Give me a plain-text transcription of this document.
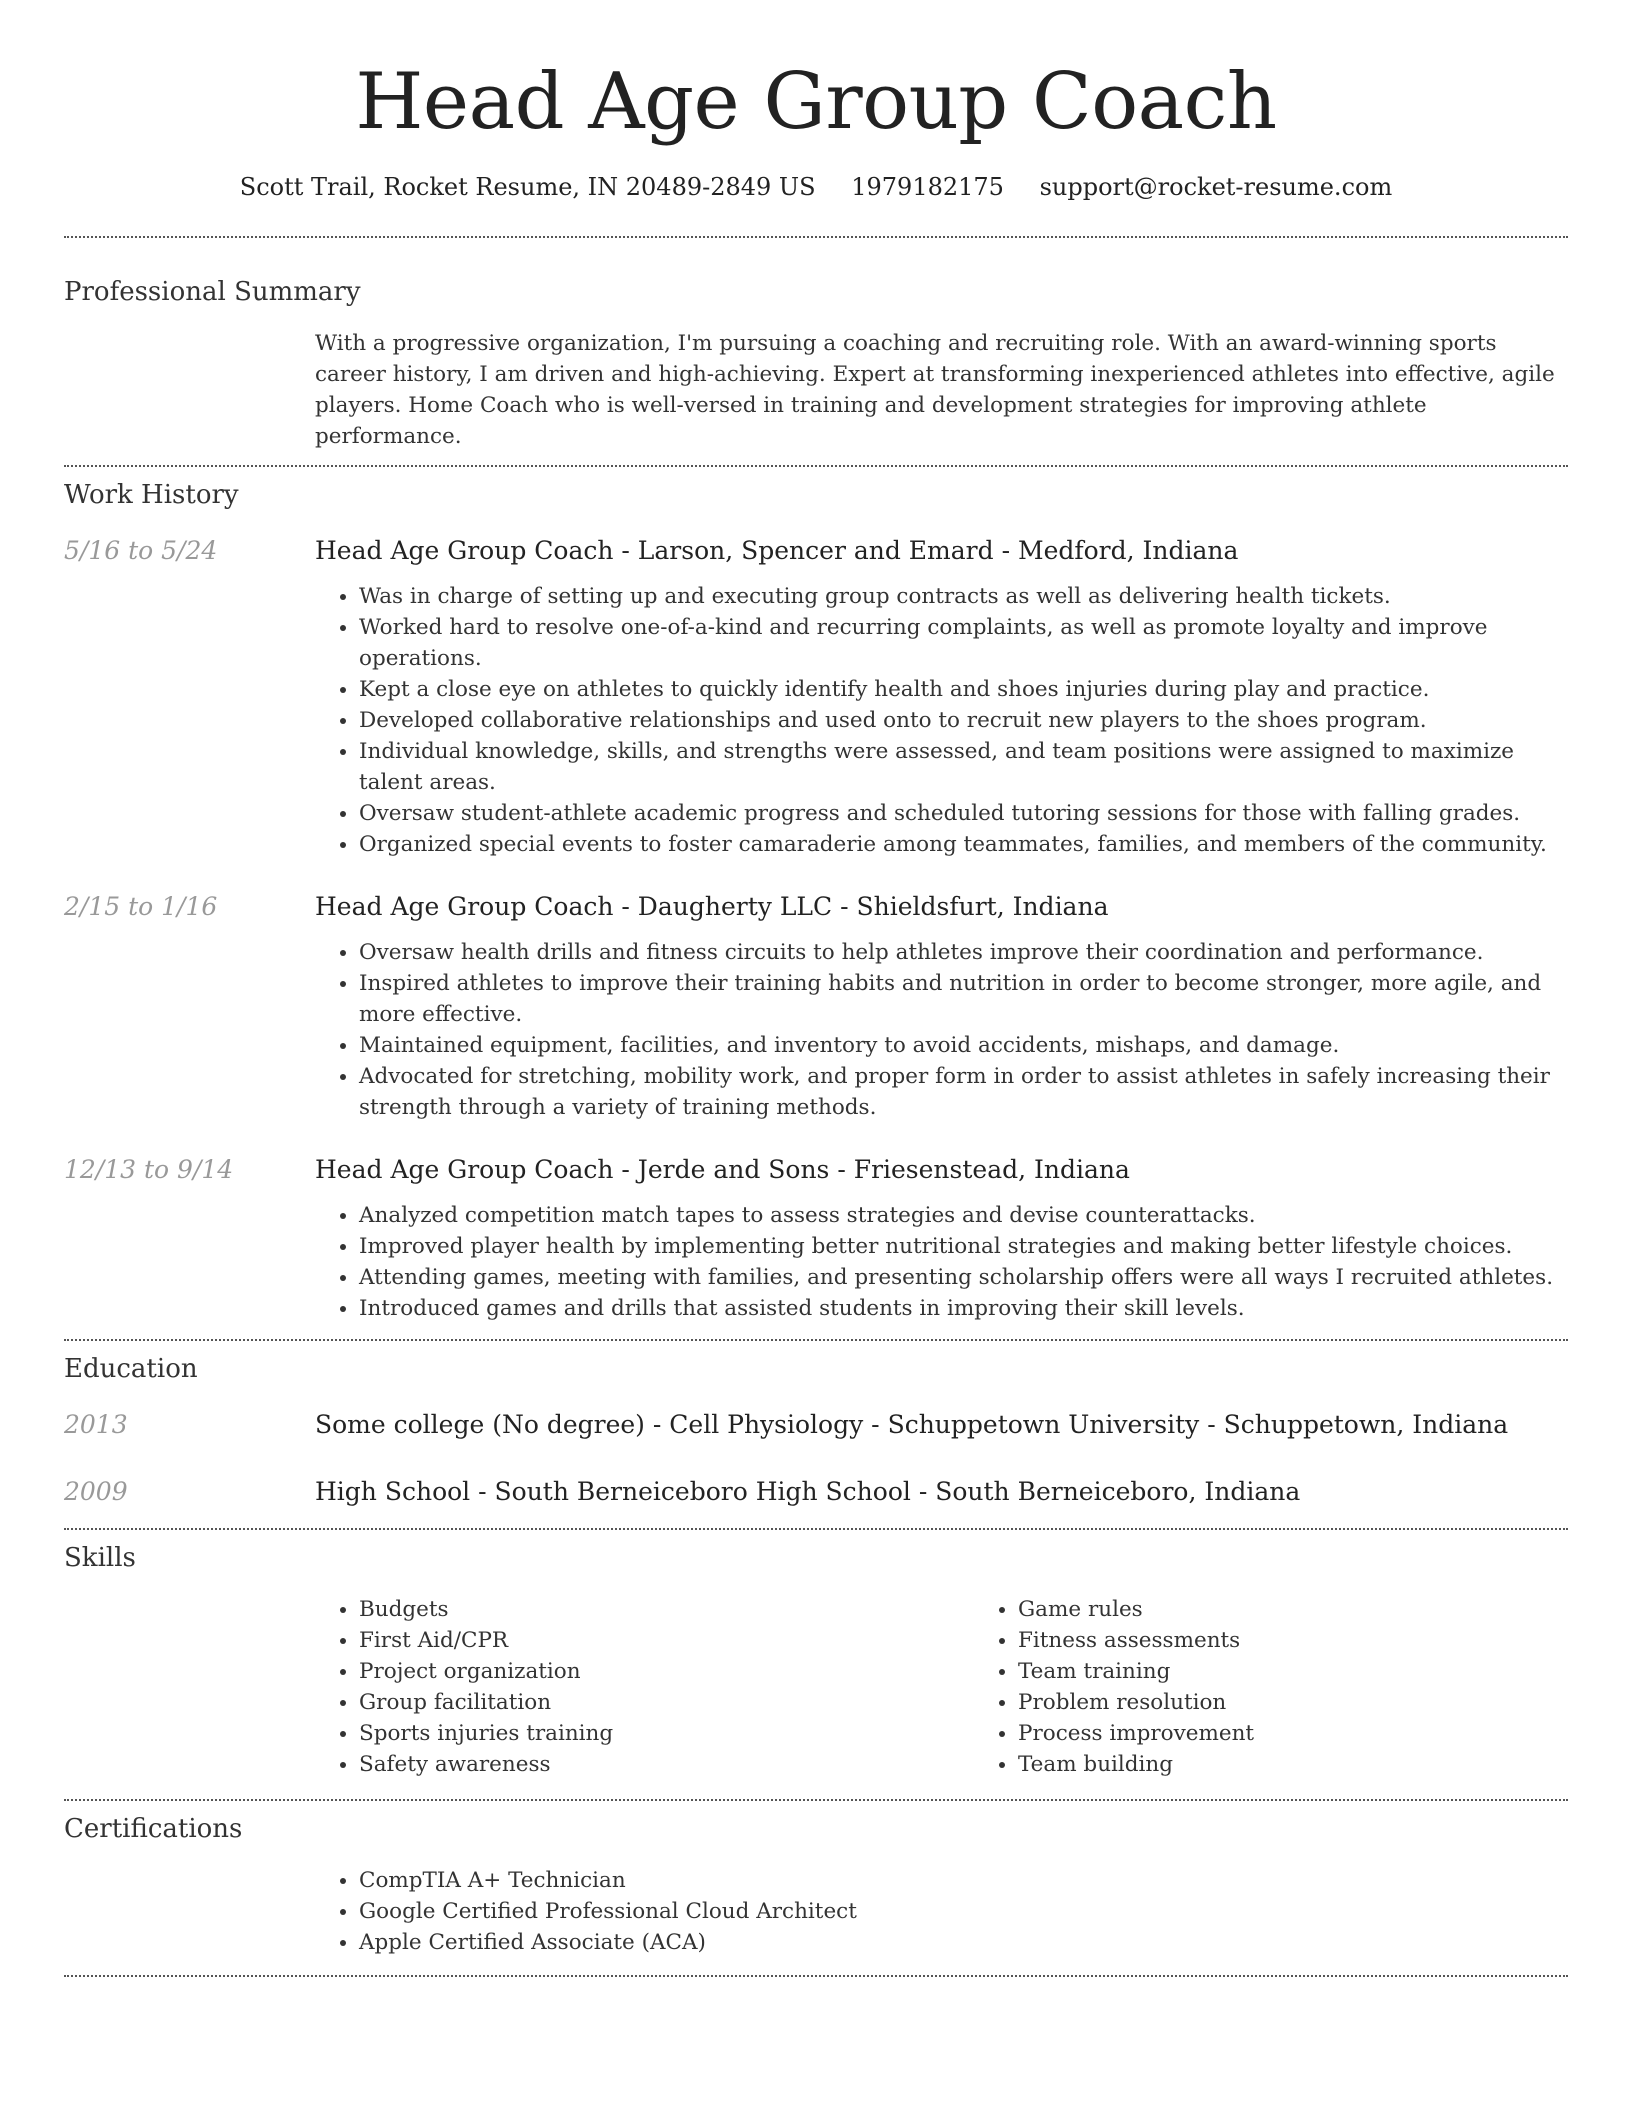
Head Age Group Coach
Scott Trail, Rocket Resume, IN 20489-2849 US 1979182175 support@rocket-resume.com
Professional Summary
With a progressive organization, I'm pursuing a coaching and recruiting role. With an award-winning sports career history, I am driven and high-achieving. Expert at transforming inexperienced athletes into effective, agile players. Home Coach who is well-versed in training and development strategies for improving athlete performance.
Work History
5/16 to 5/24	Head Age Group Coach - Larson, Spencer and Emard - Medford, Indiana
• Was in charge of setting up and executing group contracts as well as delivering health tickets.
• Worked hard to resolve one-of-a-kind and recurring complaints, as well as promote loyalty and improve operations.
• Kept a close eye on athletes to quickly identify health and shoes injuries during play and practice.
• Developed collaborative relationships and used onto to recruit new players to the shoes program.
• Individual knowledge, skills, and strengths were assessed, and team positions were assigned to maximize talent areas.
• Oversaw student-athlete academic progress and scheduled tutoring sessions for those with falling grades.
• Organized special events to foster camaraderie among teammates, families, and members of the community.
2/15 to 1/16	Head Age Group Coach - Daugherty LLC - Shieldsfurt, Indiana
• Oversaw health drills and fitness circuits to help athletes improve their coordination and performance.
• Inspired athletes to improve their training habits and nutrition in order to become stronger, more agile, and more effective.
• Maintained equipment, facilities, and inventory to avoid accidents, mishaps, and damage.
• Advocated for stretching, mobility work, and proper form in order to assist athletes in safely increasing their strength through a variety of training methods.
12/13 to 9/14	Head Age Group Coach - Jerde and Sons - Friesenstead, Indiana
• Analyzed competition match tapes to assess strategies and devise counterattacks.
• Improved player health by implementing better nutritional strategies and making better lifestyle choices.
• Attending games, meeting with families, and presenting scholarship offers were all ways I recruited athletes.
• Introduced games and drills that assisted students in improving their skill levels.
Education
2013	Some college (No degree) - Cell Physiology - Schuppetown University - Schuppetown, Indiana
2009	High School - South Berneiceboro High School - South Berneiceboro, Indiana
Skills
• Budgets
• First Aid/CPR
• Project organization
• Group facilitation
• Sports injuries training
• Safety awareness
• Game rules
• Fitness assessments
• Team training
• Problem resolution
• Process improvement
• Team building
Certifications
• CompTIA A+ Technician
• Google Certified Professional Cloud Architect
• Apple Certified Associate (ACA)
